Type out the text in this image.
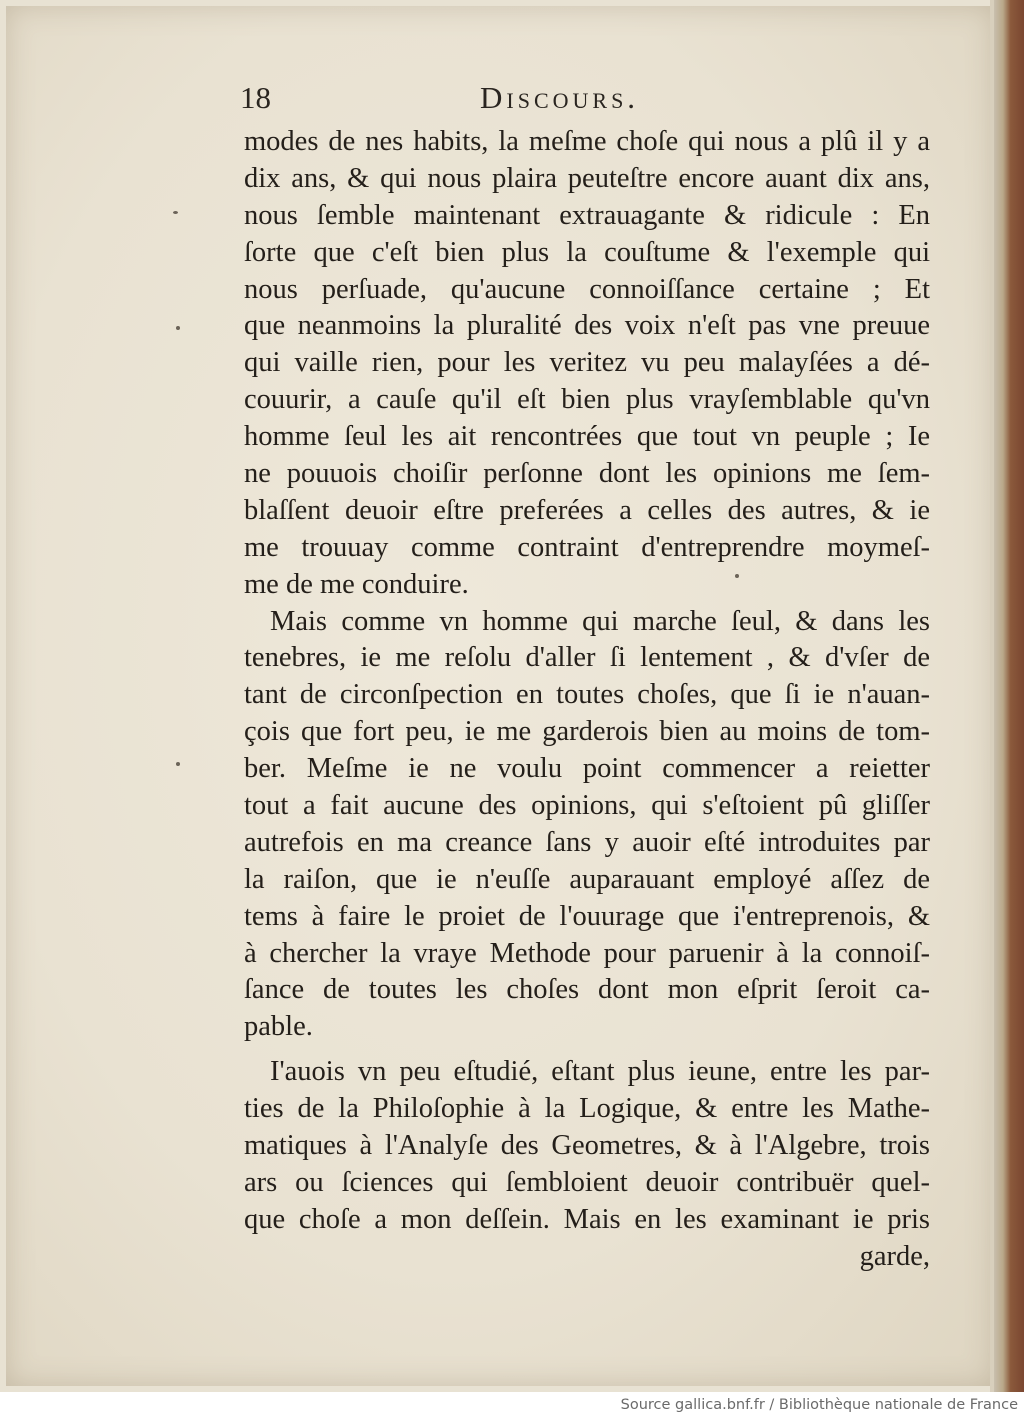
18	Discours.
modes de nes habits, la meſme choſe qui nous a plû il y a
dix ans, & qui nous plaira peuteſtre encore auant dix ans,
nous ſemble maintenant extrauagante & ridicule : En
ſorte que c'eſt bien plus la couſtume & l'exemple qui
nous perſuade, qu'aucune connoiſſance certaine ; Et
que neanmoins la pluralité des voix n'eſt pas vne preuue
qui vaille rien, pour les veritez vu peu malayſées a dé-
couurir, a cauſe qu'il eſt bien plus vrayſemblable qu'vn
homme ſeul les ait rencontrées que tout vn peuple ; Ie
ne pouuois choiſir perſonne dont les opinions me ſem-
blaſſent deuoir eſtre preferées a celles des autres, & ie
me trouuay comme contraint d'entreprendre moymeſ-
me de me conduire.
Mais comme vn homme qui marche ſeul, & dans les
tenebres, ie me reſolu d'aller ſi lentement , & d'vſer de
tant de circonſpection en toutes choſes, que ſi ie n'auan-
çois que fort peu, ie me garderois bien au moins de tom-
ber. Meſme ie ne voulu point commencer a reietter
tout a fait aucune des opinions, qui s'eſtoient pû gliſſer
autrefois en ma creance ſans y auoir eſté introduites par
la raiſon, que ie n'euſſe auparauant employé aſſez de
tems à faire le proiet de l'ouurage que i'entreprenois, &
à chercher la vraye Methode pour paruenir à la connoiſ-
ſance de toutes les choſes dont mon eſprit ſeroit ca-
pable.
I'auois vn peu eſtudié, eſtant plus ieune, entre les par-
ties de la Philoſophie à la Logique, & entre les Mathe-
matiques à l'Analyſe des Geometres, & à l'Algebre, trois
ars ou ſciences qui ſembloient deuoir contribuër quel-
que choſe a mon deſſein. Mais en les examinant ie pris
garde,
Source gallica.bnf.fr / Bibliothèque nationale de France
